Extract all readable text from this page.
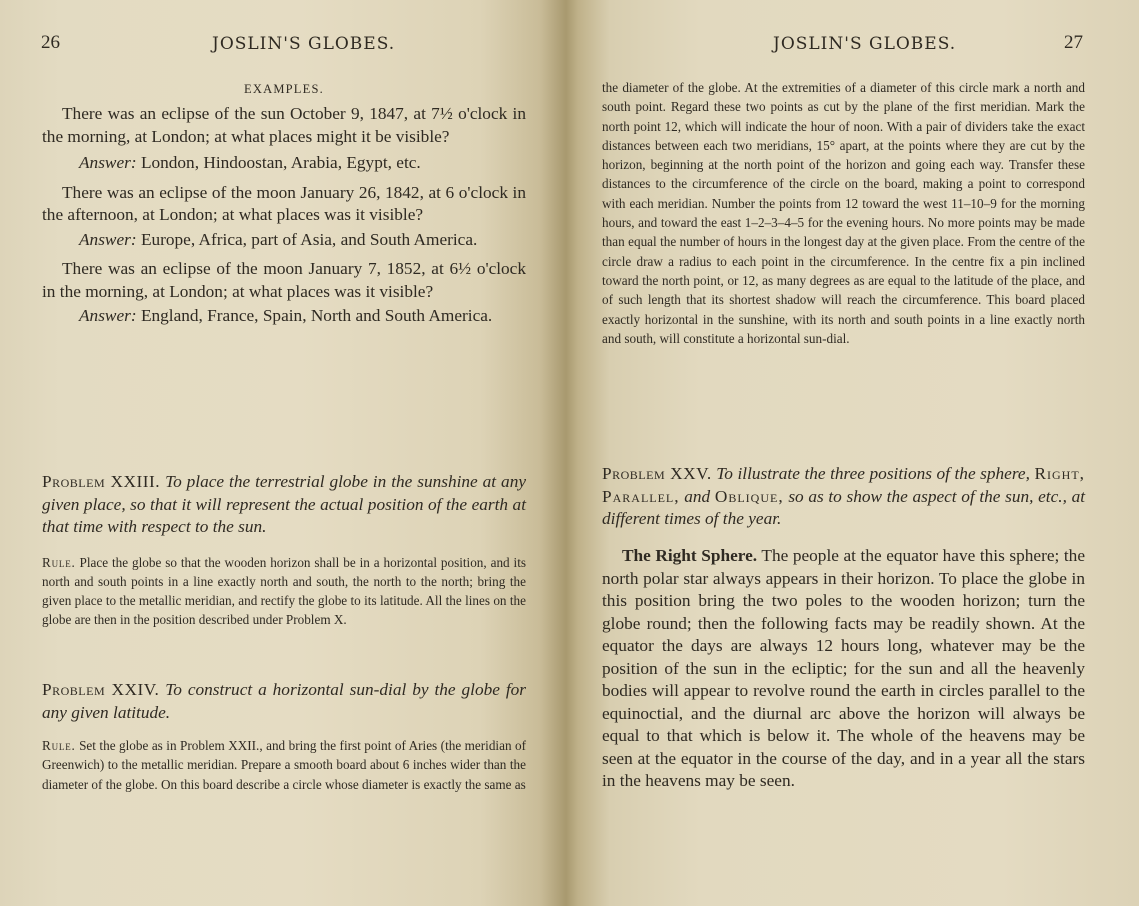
26	JOSLIN'S GLOBES.

EXAMPLES.

There was an eclipse of the sun October 9, 1847, at 7½ o'clock in the morning, at London; at what places might it be visible?

Answer: London, Hindoostan, Arabia, Egypt, etc.

There was an eclipse of the moon January 26, 1842, at 6 o'clock in the afternoon, at London; at what places was it visible?

Answer: Europe, Africa, part of Asia, and South America.

There was an eclipse of the moon January 7, 1852, at 6½ o'clock in the morning, at London; at what places was it visible?

Answer: England, France, Spain, North and South America.

Problem XXIII. To place the terrestrial globe in the sunshine at any given place, so that it will represent the actual position of the earth at that time with respect to the sun.

Rule. Place the globe so that the wooden horizon shall be in a horizontal position, and its north and south points in a line exactly north and south, the north to the north; bring the given place to the metallic meridian, and rectify the globe to its latitude. All the lines on the globe are then in the position described under Problem X.

Problem XXIV. To construct a horizontal sun-dial by the globe for any given latitude.

Rule. Set the globe as in Problem XXII., and bring the first point of Aries (the meridian of Greenwich) to the metallic meridian. Prepare a smooth board about 6 inches wider than the diameter of the globe. On this board describe a circle whose diameter is exactly the same as

JOSLIN'S GLOBES.	27

the diameter of the globe. At the extremities of a diameter of this circle mark a north and south point. Regard these two points as cut by the plane of the first meridian. Mark the north point 12, which will indicate the hour of noon. With a pair of dividers take the exact distances between each two meridians, 15° apart, at the points where they are cut by the horizon, beginning at the north point of the horizon and going each way. Transfer these distances to the circumference of the circle on the board, making a point to correspond with each meridian. Number the points from 12 toward the west 11–10–9 for the morning hours, and toward the east 1–2–3–4–5 for the evening hours. No more points may be made than equal the number of hours in the longest day at the given place. From the centre of the circle draw a radius to each point in the circumference. In the centre fix a pin inclined toward the north point, or 12, as many degrees as are equal to the latitude of the place, and of such length that its shortest shadow will reach the circumference. This board placed exactly horizontal in the sunshine, with its north and south points in a line exactly north and south, will constitute a horizontal sun-dial.

Problem XXV. To illustrate the three positions of the sphere, Right, Parallel, and Oblique, so as to show the aspect of the sun, etc., at different times of the year.

The Right Sphere. The people at the equator have this sphere; the north polar star always appears in their horizon. To place the globe in this position bring the two poles to the wooden horizon; turn the globe round; then the following facts may be readily shown. At the equator the days are always 12 hours long, whatever may be the position of the sun in the ecliptic; for the sun and all the heavenly bodies will appear to revolve round the earth in circles parallel to the equinoctial, and the diurnal arc above the horizon will always be equal to that which is below it. The whole of the heavens may be seen at the equator in the course of the day, and in a year all the stars in the heavens may be seen.
